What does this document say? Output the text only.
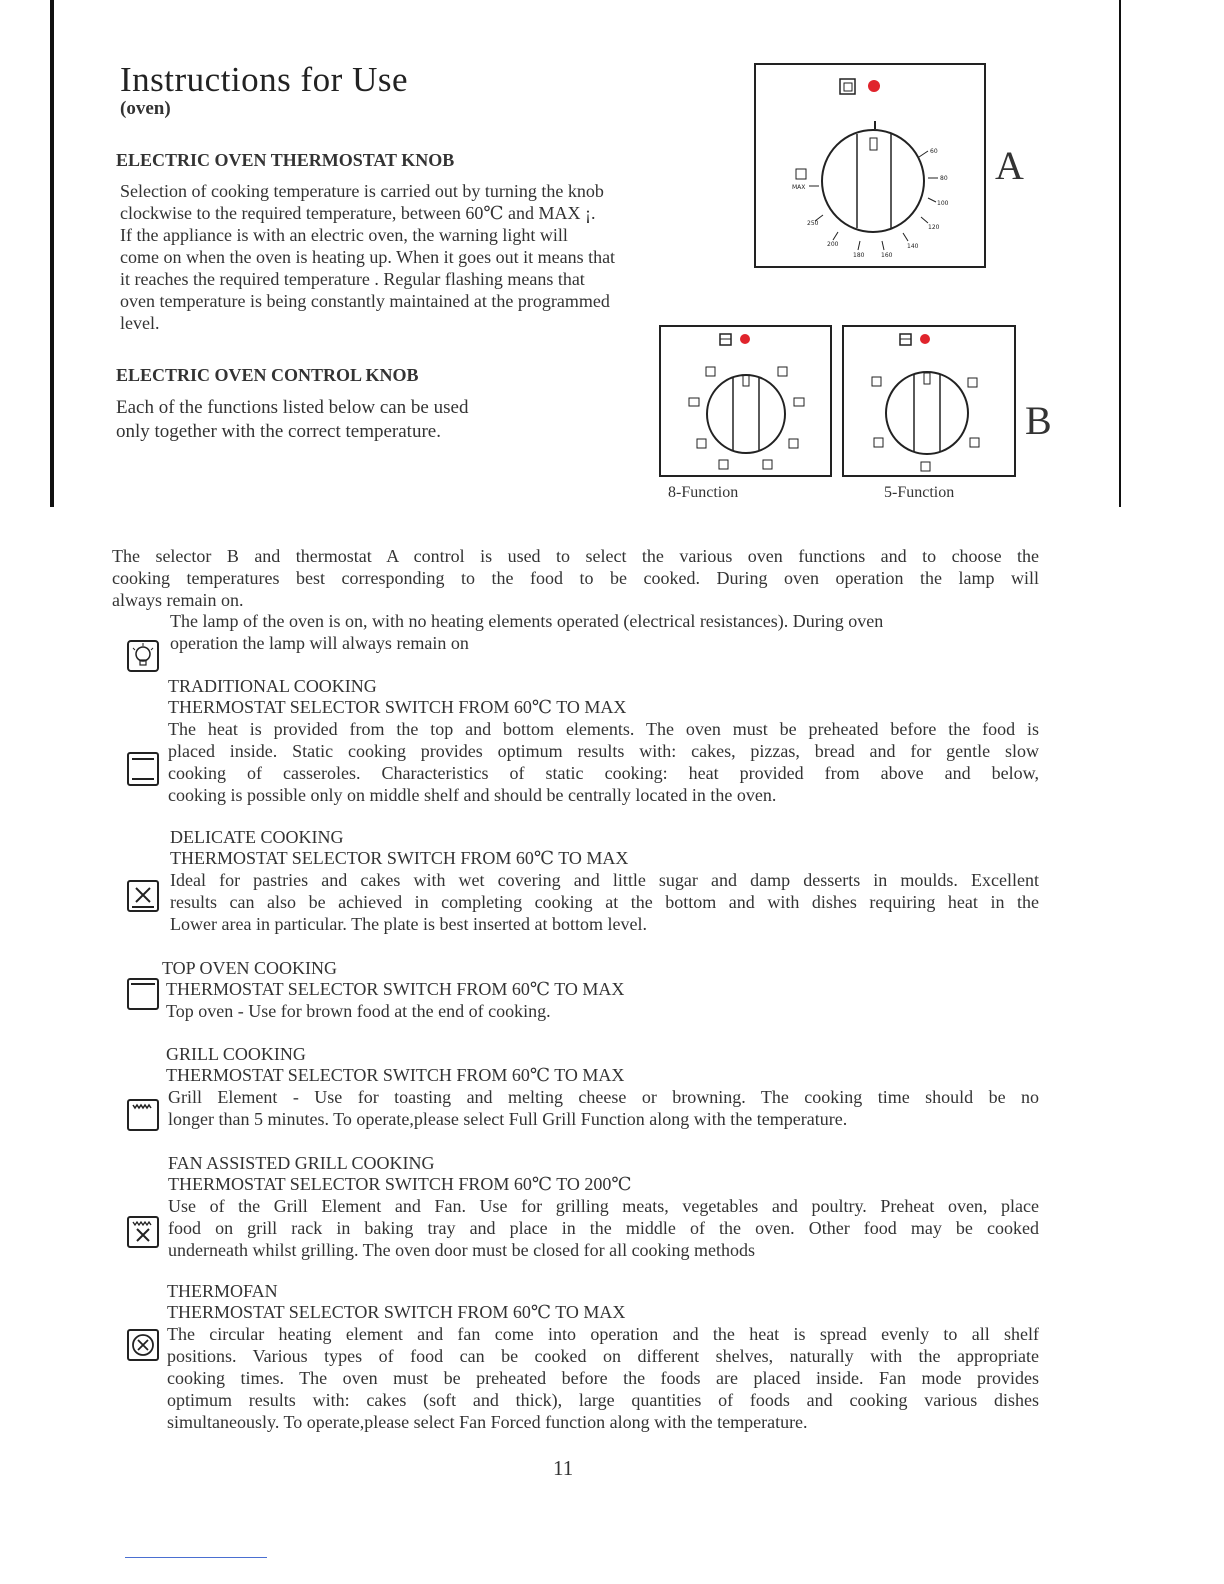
Instructions for Use
(oven)
ELECTRIC OVEN THERMOSTAT KNOB
Selection of cooking temperature is carried out by turning the knob
clockwise to the required temperature, between 60℃ and MAX ¡.
If the appliance is with an electric oven, the warning light will
come on when the oven is heating up. When it goes out it means that
it reaches the required temperature . Regular flashing means that
oven temperature is being constantly maintained at the programmed
level.
ELECTRIC OVEN CONTROL KNOB
Each of the functions listed below can be used
only together with the correct temperature.
60
80
100
120
140
160
180
200
250
MAX	A
B
8-Function	5-Function
The selector B and thermostat A control is used to select the various oven functions and to choose the
cooking temperatures best corresponding to the food to be cooked. During oven operation the lamp will
always remain on.
The lamp of the oven is on, with no heating elements operated (electrical resistances). During oven
operation the lamp will always remain on
TRADITIONAL COOKING
THERMOSTAT SELECTOR SWITCH FROM 60℃ TO MAX
The heat is provided from the top and bottom elements. The oven must be preheated before the food is
placed inside. Static cooking provides optimum results with: cakes, pizzas, bread and for gentle slow
cooking of casseroles. Characteristics of static cooking: heat provided from above and below,
cooking is possible only on middle shelf and should be centrally located in the oven.
DELICATE COOKING
THERMOSTAT SELECTOR SWITCH FROM 60℃ TO MAX
Ideal for pastries and cakes with wet covering and little sugar and damp desserts in moulds. Excellent
results can also be achieved in completing cooking at the bottom and with dishes requiring heat in the
Lower area in particular. The plate is best inserted at bottom level.
TOP OVEN COOKING
THERMOSTAT SELECTOR SWITCH FROM 60℃ TO MAX
Top oven - Use for brown food at the end of cooking.
GRILL COOKING
THERMOSTAT SELECTOR SWITCH FROM 60℃ TO MAX
Grill Element - Use for toasting and melting cheese or browning. The cooking time should be no
longer than 5 minutes. To operate,please select Full Grill Function along with the temperature.
FAN ASSISTED GRILL COOKING
THERMOSTAT SELECTOR SWITCH FROM 60℃ TO 200℃
Use of the Grill Element and Fan. Use for grilling meats, vegetables and poultry. Preheat oven, place
food on grill rack in baking tray and place in the middle of the oven. Other food may be cooked
underneath whilst grilling. The oven door must be closed for all cooking methods
THERMOFAN
THERMOSTAT SELECTOR SWITCH FROM 60℃ TO MAX
The circular heating element and fan come into operation and the heat is spread evenly to all shelf
positions. Various types of food can be cooked on different shelves, naturally with the appropriate
cooking times. The oven must be preheated before the foods are placed inside. Fan mode provides
optimum results with: cakes (soft and thick), large quantities of foods and cooking various dishes
simultaneously. To operate,please select Fan Forced function along with the temperature.
11
